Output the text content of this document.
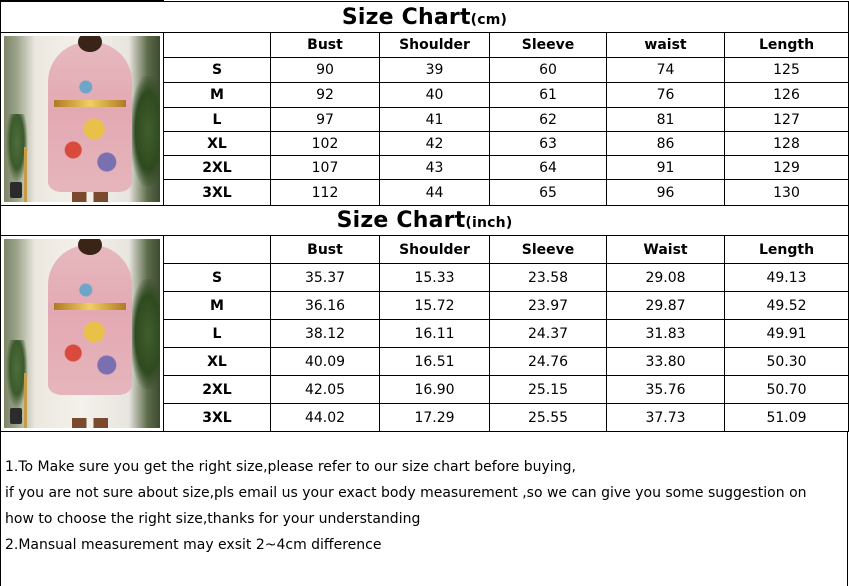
Size Chart(cm)						

		Bust	Shoulder	Sleeve	waist	Length
	S	90	39	60	74	125
	M	92	40	61	76	126
	L	97	41	62	81	127
	XL	102	42	63	86	128
	2XL	107	43	64	91	129
	3XL	112	44	65	96	130
Size Chart(inch)						

		Bust	Shoulder	Sleeve	Waist	Length
	S	35.37	15.33	23.58	29.08	49.13
	M	36.16	15.72	23.97	29.87	49.52
	L	38.12	16.11	24.37	31.83	49.91
	XL	40.09	16.51	24.76	33.80	50.30
	2XL	42.05	16.90	25.15	35.76	50.70
	3XL	44.02	17.29	25.55	37.73	51.09

1.To Make sure you get the right size,please refer to our size chart before buying,

if you are not sure about size,pls email us your exact body measurement ,so we can give you some suggestion on

how to choose the right size,thanks for your understanding

2.Mansual measurement may exsit 2~4cm difference
